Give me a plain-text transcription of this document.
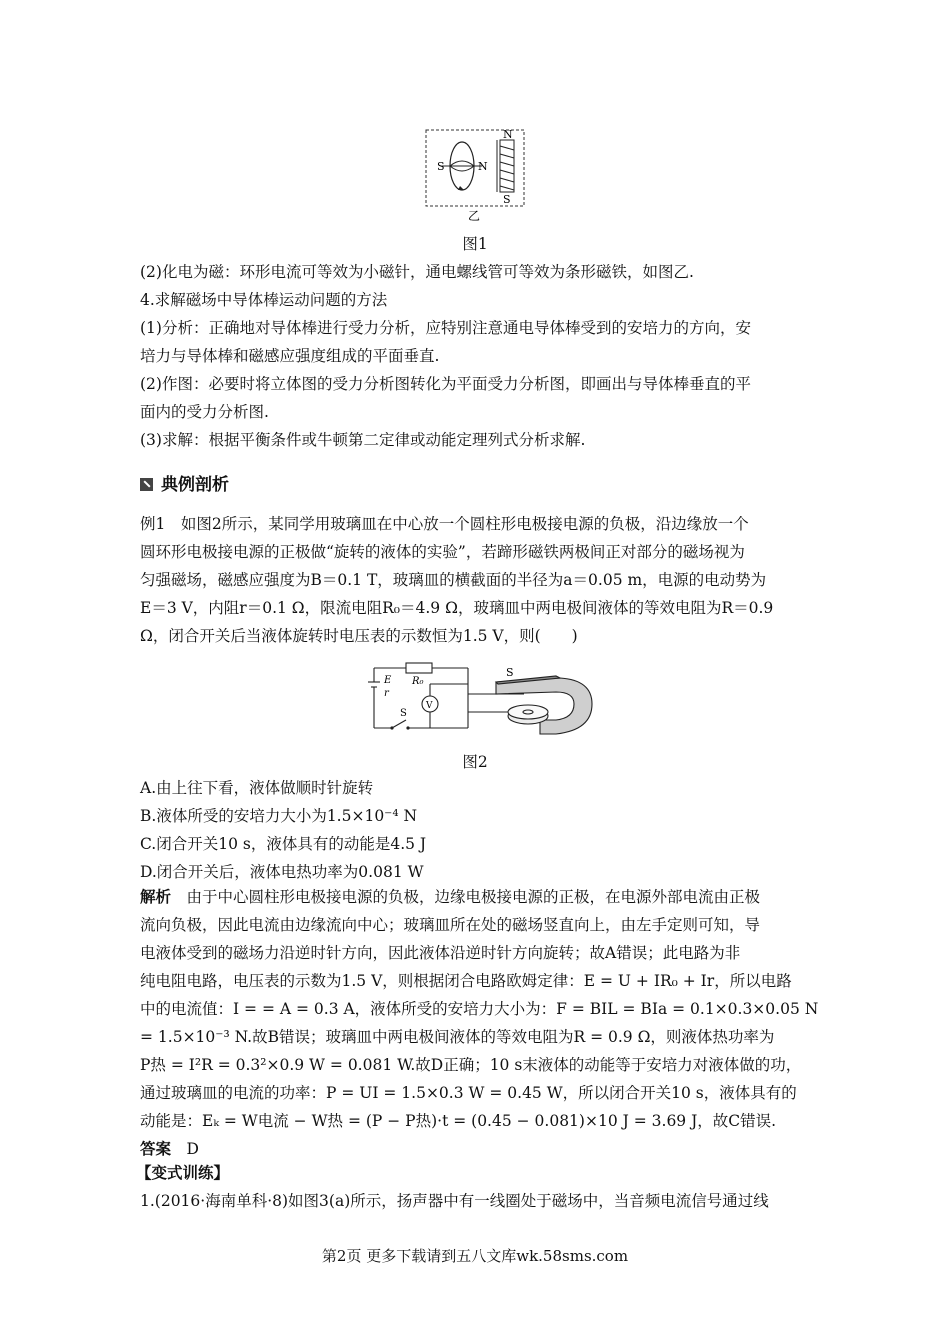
S	N
N
S
乙
图1
(2)化电为磁：环形电流可等效为小磁针，通电螺线管可等效为条形磁铁，如图乙.
4.求解磁场中导体棒运动问题的方法
(1)分析：正确地对导体棒进行受力分析，应特别注意通电导体棒受到的安培力的方向，安
培力与导体棒和磁感应强度组成的平面垂直.
(2)作图：必要时将立体图的受力分析图转化为平面受力分析图，即画出与导体棒垂直的平
面内的受力分析图.
(3)求解：根据平衡条件或牛顿第二定律或动能定理列式分析求解.
典例剖析
例1　如图2所示，某同学用玻璃皿在中心放一个圆柱形电极接电源的负极，沿边缘放一个
圆环形电极接电源的正极做“旋转的液体的实验”，若蹄形磁铁两极间正对部分的磁场视为
匀强磁场，磁感应强度为B＝0.1 T，玻璃皿的横截面的半径为a＝0.05 m，电源的电动势为
E＝3 V，内阻r＝0.1 Ω，限流电阻R₀＝4.9 Ω，玻璃皿中两电极间液体的等效电阻为R＝0.9
Ω，闭合开关后当液体旋转时电压表的示数恒为1.5 V，则(　　)
R₀
E
r
V
S
S
图2
A.由上往下看，液体做顺时针旋转
B.液体所受的安培力大小为1.5×10⁻⁴ N
C.闭合开关10 s，液体具有的动能是4.5 J
D.闭合开关后，液体电热功率为0.081 W
解析　由于中心圆柱形电极接电源的负极，边缘电极接电源的正极，在电源外部电流由正极
流向负极，因此电流由边缘流向中心；玻璃皿所在处的磁场竖直向上，由左手定则可知，导
电液体受到的磁场力沿逆时针方向，因此液体沿逆时针方向旋转；故A错误；此电路为非
纯电阻电路，电压表的示数为1.5 V，则根据闭合电路欧姆定律：E = U + IR₀ + Ir，所以电路
中的电流值：I = = A = 0.3 A，液体所受的安培力大小为：F = BIL = BIa = 0.1×0.3×0.05 N
= 1.5×10⁻³ N.故B错误；玻璃皿中两电极间液体的等效电阻为R = 0.9 Ω，则液体热功率为
P热 = I²R = 0.3²×0.9 W = 0.081 W.故D正确；10 s末液体的动能等于安培力对液体做的功，
通过玻璃皿的电流的功率：P = UI = 1.5×0.3 W = 0.45 W，所以闭合开关10 s，液体具有的
动能是：Eₖ = W电流 − W热 = (P − P热)·t = (0.45 − 0.081)×10 J = 3.69 J，故C错误.
答案　 D
【变式训练】
1.(2016·海南单科·8)如图3(a)所示，扬声器中有一线圈处于磁场中，当音频电流信号通过线
第2页 更多下载请到五八文库wk.58sms.com
